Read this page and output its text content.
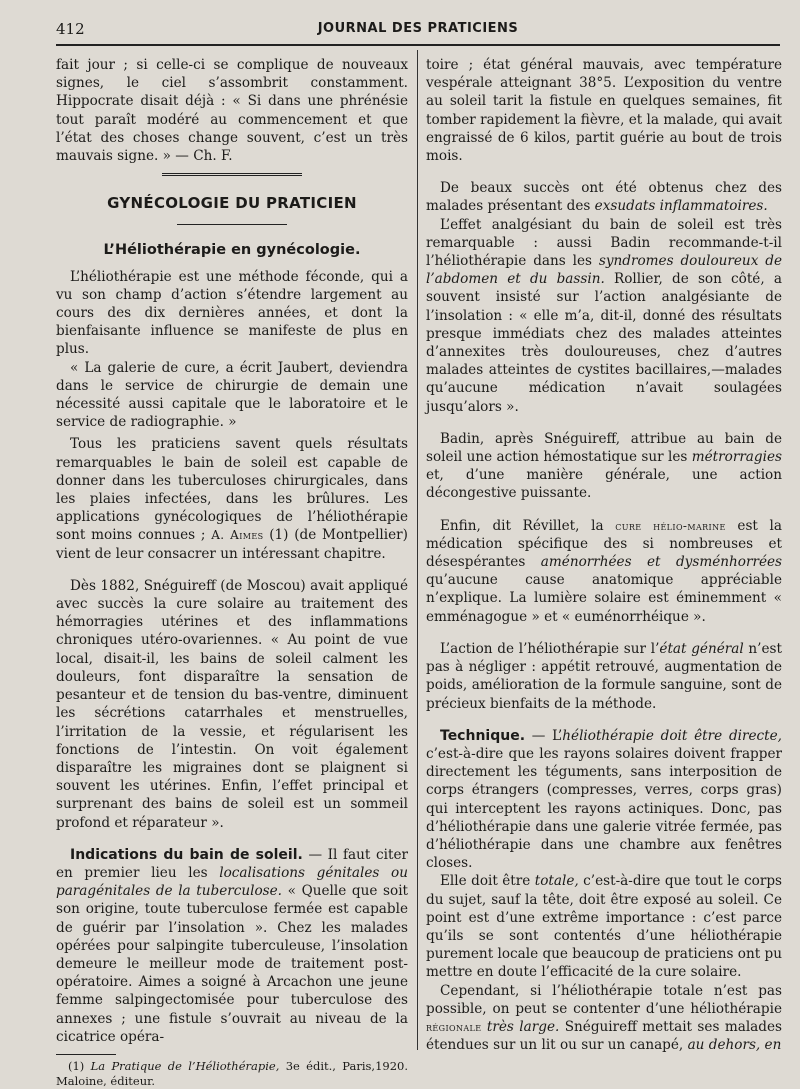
412	JOURNAL DES PRATICIENS

fait jour ; si celle-ci se complique de nouveaux signes, le ciel s’assombrit constamment. Hippocrate disait déjà : « Si dans une phrénésie tout paraît modéré au commencement et que l’état des choses change souvent, c’est un très mauvais signe. » — Ch. F.

GYNÉCOLOGIE DU PRATICIEN
L’Héliothérapie en gynécologie.

L’héliothérapie est une méthode féconde, qui a vu son champ d’action s’étendre largement au cours des dix dernières années, et dont la bienfaisante influence se manifeste de plus en plus.

« La galerie de cure, a écrit Jaubert, deviendra dans le service de chirurgie de demain une nécessité aussi capitale que le laboratoire et le service de radiographie. »

Tous les praticiens savent quels résultats remarquables le bain de soleil est capable de donner dans les tuberculoses chirurgicales, dans les plaies infectées, dans les brûlures. Les applications gynécologiques de l’héliothérapie sont moins connues ; A. Aimes (1) (de Montpellier) vient de leur consacrer un intéressant chapitre.

Dès 1882, Snéguireff (de Moscou) avait appliqué avec succès la cure solaire au traitement des hémorragies utérines et des inflammations chroniques utéro-ovariennes. « Au point de vue local, disait-il, les bains de soleil calment les douleurs, font disparaître la sensation de pesanteur et de tension du bas-ventre, diminuent les sécrétions catarrhales et menstruelles, l’irritation de la vessie, et régularisent les fonctions de l’intestin. On voit également disparaître les migraines dont se plaignent si souvent les utérines. Enfin, l’effet principal et surprenant des bains de soleil est un sommeil profond et réparateur ».

Indications du bain de soleil. — Il faut citer en premier lieu les localisations génitales ou paragénitales de la tuberculose. « Quelle que soit son origine, toute tuberculose fermée est capable de guérir par l’insolation ». Chez les malades opérées pour salpingite tuberculeuse, l’insolation demeure le meilleur mode de traitement post-opératoire. Aimes a soigné à Arcachon une jeune femme salpingectomisée pour tuberculose des annexes ; une fistule s’ouvrait au niveau de la cicatrice opéra-

(1) La Pratique de l’Héliothérapie, 3e édit., Paris,1920. Maloine, éditeur.

toire ; état général mauvais, avec température vespérale atteignant 38°5. L’exposition du ventre au soleil tarit la fistule en quelques semaines, fit tomber rapidement la fièvre, et la malade, qui avait engraissé de 6 kilos, partit guérie au bout de trois mois.

De beaux succès ont été obtenus chez des malades présentant des exsudats inflammatoires.

L’effet analgésiant du bain de soleil est très remarquable : aussi Badin recommande-t-il l’héliothérapie dans les syndromes douloureux de l’abdomen et du bassin. Rollier, de son côté, a souvent insisté sur l’action analgésiante de l’insolation : « elle m’a, dit-il, donné des résultats presque immédiats chez des malades atteintes d’annexites très douloureuses, chez d’autres malades atteintes de cystites bacillaires,—malades qu’aucune médication n’avait soulagées jusqu’alors ».

Badin, après Snéguireff, attribue au bain de soleil une action hémostatique sur les métrorragies et, d’une manière générale, une action décongestive puissante.

Enfin, dit Révillet, la cure hélio-marine est la médication spécifique des si nombreuses et désespérantes aménorrhées et dysménhorrées qu’aucune cause anatomique appréciable n’explique. La lumière solaire est éminemment « emménagogue » et « euménorrhéique ».

L’action de l’héliothérapie sur l’état général n’est pas à négliger : appétit retrouvé, augmentation de poids, amélioration de la formule sanguine, sont de précieux bienfaits de la méthode.

Technique. — L’héliothérapie doit être directe, c’est-à-dire que les rayons solaires doivent frapper directement les téguments, sans interposition de corps étrangers (compresses, verres, corps gras) qui interceptent les rayons actiniques. Donc, pas d’héliothérapie dans une galerie vitrée fermée, pas d’héliothérapie dans une chambre aux fenêtres closes.

Elle doit être totale, c’est-à-dire que tout le corps du sujet, sauf la tête, doit être exposé au soleil. Ce point est d’une extrême importance : c’est parce qu’ils se sont contentés d’une héliothérapie purement locale que beaucoup de praticiens ont pu mettre en doute l’efficacité de la cure solaire.

Cependant, si l’héliothérapie totale n’est pas possible, on peut se contenter d’une héliothérapie régionale très large. Snéguireff mettait ses malades étendues sur un lit ou sur un canapé, au dehors, en
